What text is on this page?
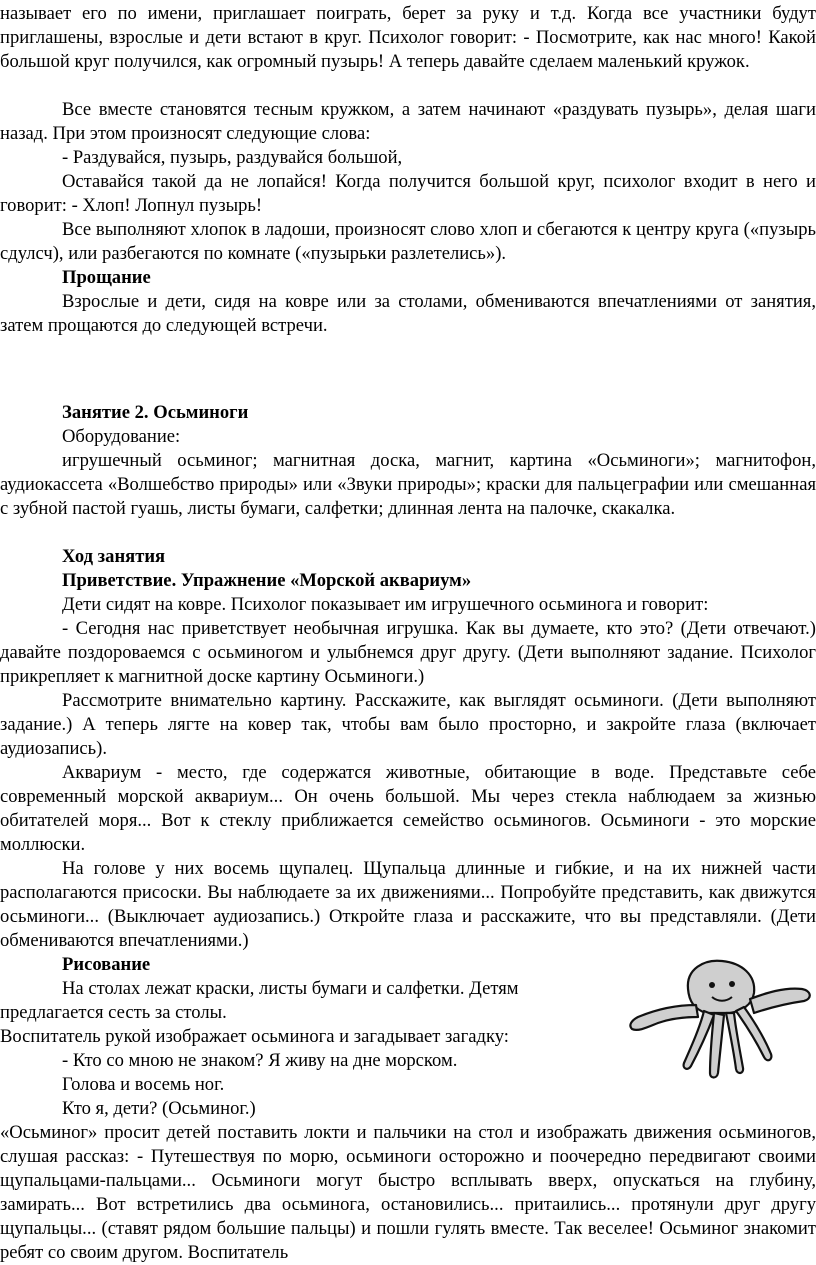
называет его по имени, приглашает поиграть, берет за руку и т.д. Когда все участники будут приглашены, взрослые и дети встают в круг. Психолог говорит: - Посмотрите, как нас много! Какой большой круг получился, как огромный пузырь! А теперь давайте сделаем маленький кружок.

Все вместе становятся тесным кружком, а затем начинают «раздувать пузырь», делая шаги назад. При этом произносят следующие слова:

- Раздувайся, пузырь, раздувайся большой,

Оставайся такой да не лопайся! Когда получится большой круг, психолог входит в него и говорит: - Хлоп! Лопнул пузырь!

Все выполняют хлопок в ладоши, произносят слово хлоп и сбегаются к центру круга («пузырь сдулсч), или разбегаются по комнате («пузырьки разлетелись»).

Прощание

Взрослые и дети, сидя на ковре или за столами, обмениваются впечатлениями от занятия, затем прощаются до следующей встречи.

Занятие 2. Осьминоги

Оборудование:

игрушечный осьминог; магнитная доска, магнит, картина «Осьминоги»; магнитофон, аудиокассета «Волшебство природы» или «Звуки природы»; краски для пальцеграфии или смешанная с зубной пастой гуашь, листы бумаги, салфетки; длинная лента на палочке, скакалка.

Ход занятия

Приветствие. Упражнение «Морской аквариум»

Дети сидят на ковре. Психолог показывает им игрушечного осьминога и говорит:

- Сегодня нас приветствует необычная игрушка. Как вы думаете, кто это? (Дети отвечают.) давайте поздороваемся с осьминогом и улыбнемся друг другу. (Дети выполняют задание. Психолог прикрепляет к магнитной доске картину Осьминоги.)

Рассмотрите внимательно картину. Расскажите, как выглядят осьминоги. (Дети выполняют задание.) А теперь лягте на ковер так, чтобы вам было просторно, и закройте глаза (включает аудиозапись).

Аквариум - место, где содержатся животные, обитающие в воде. Представьте себе современный морской аквариум... Он очень большой. Мы через стекла наблюдаем за жизнью обитателей моря... Вот к стеклу приближается семейство осьминогов. Осьминоги - это морские моллюски.

На голове у них восемь щупалец. Щупальца длинные и гибкие, и на их нижней части располагаются присоски. Вы наблюдаете за их движениями... Попробуйте представить, как движутся осьминоги... (Выключает аудиозапись.) Откройте глаза и расскажите, что вы представляли. (Дети обмениваются впечатлениями.)

Рисование

На столах лежат краски, листы бумаги и салфетки. Детям

предлагается сесть за столы.

Воспитатель рукой изображает осьминога и загадывает загадку:

- Кто со мною не знаком? Я живу на дне морском.

Голова и восемь ног.

Кто я, дети? (Осьминог.)

«Осьминог» просит детей поставить локти и пальчики на стол и изображать движения осьминогов, слушая рассказ: - Путешествуя по морю, осьминоги осторожно и поочередно передвигают своими щупальцами-пальцами... Осьминоги могут быстро всплывать вверх, опускаться на глубину, замирать... Вот встретились два осьминога, остановились... притаились... протянули друг другу щупальцы... (ставят рядом большие пальцы) и пошли гулять вместе. Так веселее! Осьминог знакомит ребят со своим другом. Воспитатель
